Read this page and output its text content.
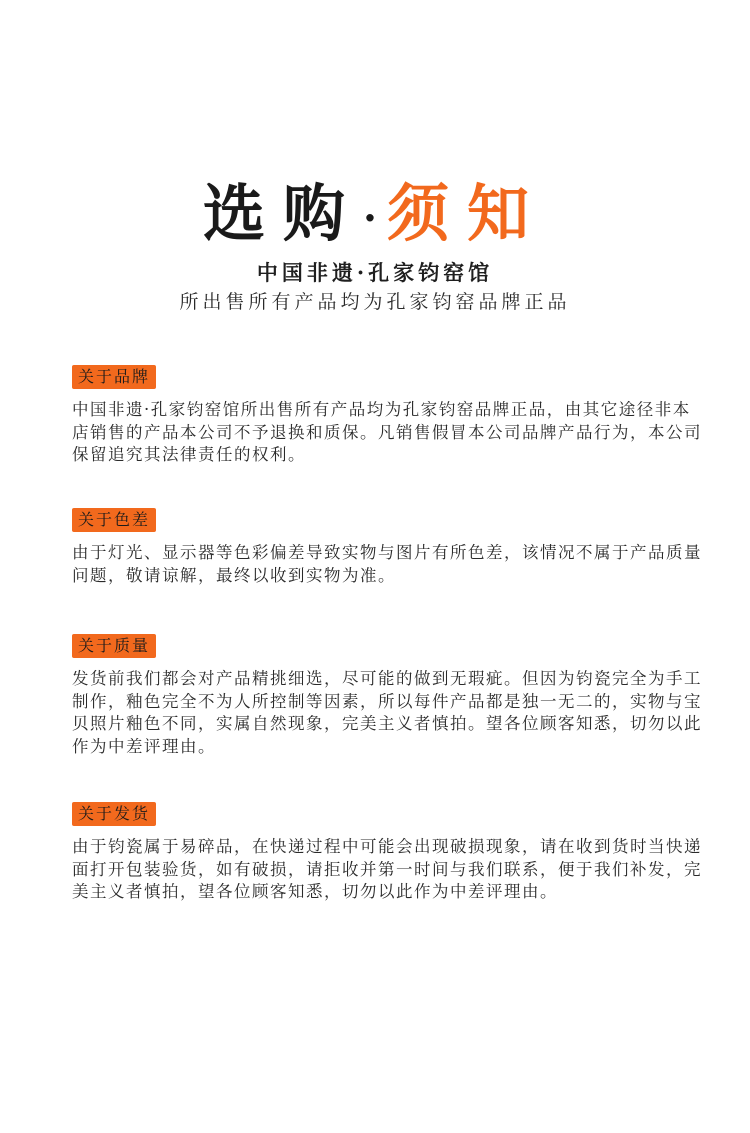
选购·须知
中国非遗·孔家钧窑馆
所出售所有产品均为孔家钧窑品牌正品
关于品牌
中国非遗·孔家钧窑馆所出售所有产品均为孔家钧窑品牌正品，由其它途径非本店销售的产品本公司不予退换和质保。凡销售假冒本公司品牌产品行为，本公司保留追究其法律责任的权利。
关于色差
由于灯光、显示器等色彩偏差导致实物与图片有所色差，该情况不属于产品质量问题，敬请谅解，最终以收到实物为准。
关于质量
发货前我们都会对产品精挑细选，尽可能的做到无瑕疵。但因为钧瓷完全为手工制作，釉色完全不为人所控制等因素，所以每件产品都是独一无二的，实物与宝贝照片釉色不同，实属自然现象，完美主义者慎拍。望各位顾客知悉，切勿以此作为中差评理由。
关于发货
由于钧瓷属于易碎品，在快递过程中可能会出现破损现象，请在收到货时当快递面打开包装验货，如有破损，请拒收并第一时间与我们联系，便于我们补发，完美主义者慎拍，望各位顾客知悉，切勿以此作为中差评理由。
